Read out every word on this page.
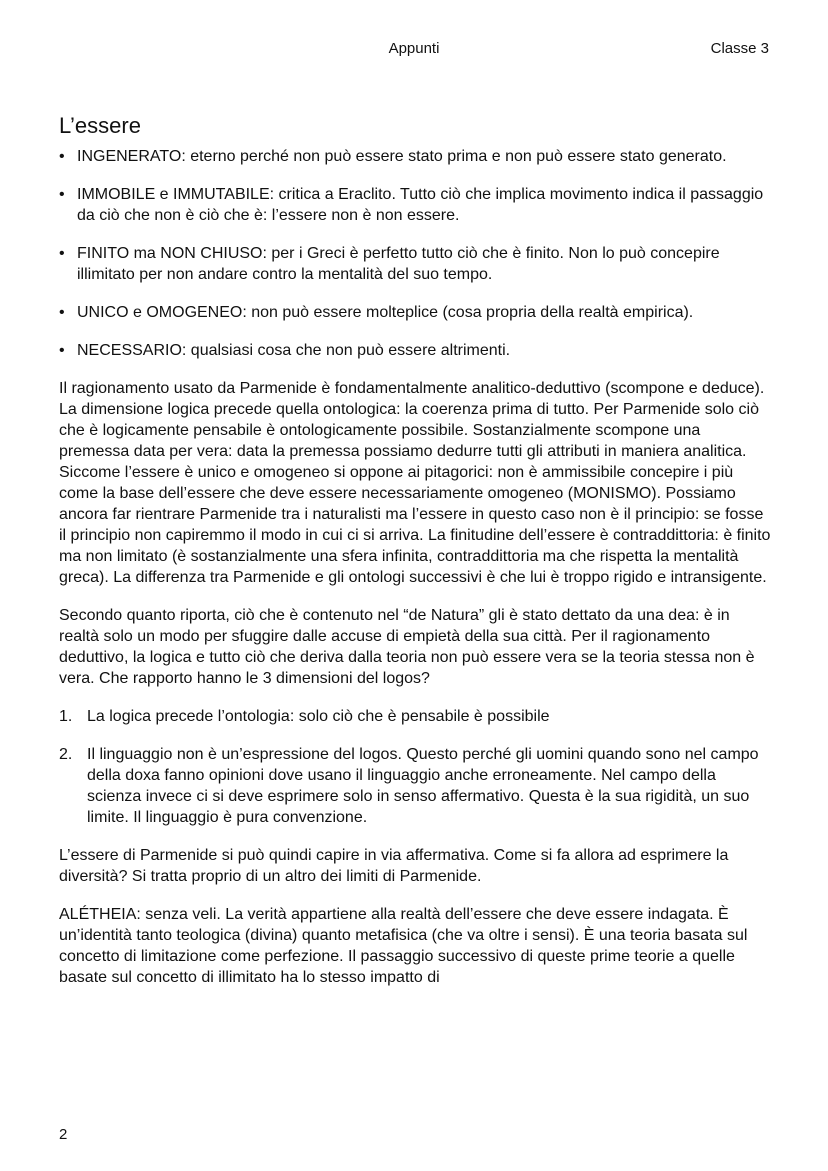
Appunti	Classe 3
L’essere
• INGENERATO: eterno perché non può essere stato prima e non può essere stato generato.
• IMMOBILE e IMMUTABILE: critica a Eraclito. Tutto ciò che implica movimento indica il passaggio da ciò che non è ciò che è: l’essere non è non essere.
• FINITO ma NON CHIUSO: per i Greci è perfetto tutto ciò che è finito. Non lo può concepire illimitato per non andare contro la mentalità del suo tempo.
• UNICO e OMOGENEO: non può essere molteplice (cosa propria della realtà empirica).
• NECESSARIO: qualsiasi cosa che non può essere altrimenti.

Il ragionamento usato da Parmenide è fondamentalmente analitico-deduttivo (scompone e deduce). La dimensione logica precede quella ontologica: la coerenza prima di tutto. Per Parmenide solo ciò che è logicamente pensabile è ontologicamente possibile. Sostanzialmente scompone una premessa data per vera: data la premessa possiamo dedurre tutti gli attributi in maniera analitica. Siccome l’essere è unico e omogeneo si oppone ai pitagorici: non è ammissibile concepire i più come la base dell’essere che deve essere necessariamente omogeneo (MONISMO). Possiamo ancora far rientrare Parmenide tra i naturalisti ma l’essere in questo caso non è il principio: se fosse il principio non capiremmo il modo in cui ci si arriva. La finitudine dell’essere è contraddittoria: è finito ma non limitato (è sostanzialmente una sfera infinita, contraddittoria ma che rispetta la mentalità greca). La differenza tra Parmenide e gli ontologi successivi è che lui è troppo rigido e intransigente.

Secondo quanto riporta, ciò che è contenuto nel “de Natura” gli è stato dettato da una dea: è in realtà solo un modo per sfuggire dalle accuse di empietà della sua città. Per il ragionamento deduttivo, la logica e tutto ciò che deriva dalla teoria non può essere vera se la teoria stessa non è vera. Che rapporto hanno le 3 dimensioni del logos?

1. La logica precede l’ontologia: solo ciò che è pensabile è possibile
2. Il linguaggio non è un’espressione del logos. Questo perché gli uomini quando sono nel campo della doxa fanno opinioni dove usano il linguaggio anche erroneamente. Nel campo della scienza invece ci si deve esprimere solo in senso affermativo. Questa è la sua rigidità, un suo limite. Il linguaggio è pura convenzione.

L’essere di Parmenide si può quindi capire in via affermativa. Come si fa allora ad esprimere la diversità? Si tratta proprio di un altro dei limiti di Parmenide.

ALÉTHEIA: senza veli. La verità appartiene alla realtà dell’essere che deve essere indagata. È un’identità tanto teologica (divina) quanto metafisica (che va oltre i sensi). È una teoria basata sul concetto di limitazione come perfezione. Il passaggio successivo di queste prime teorie a quelle basate sul concetto di illimitato ha lo stesso impatto di

2
